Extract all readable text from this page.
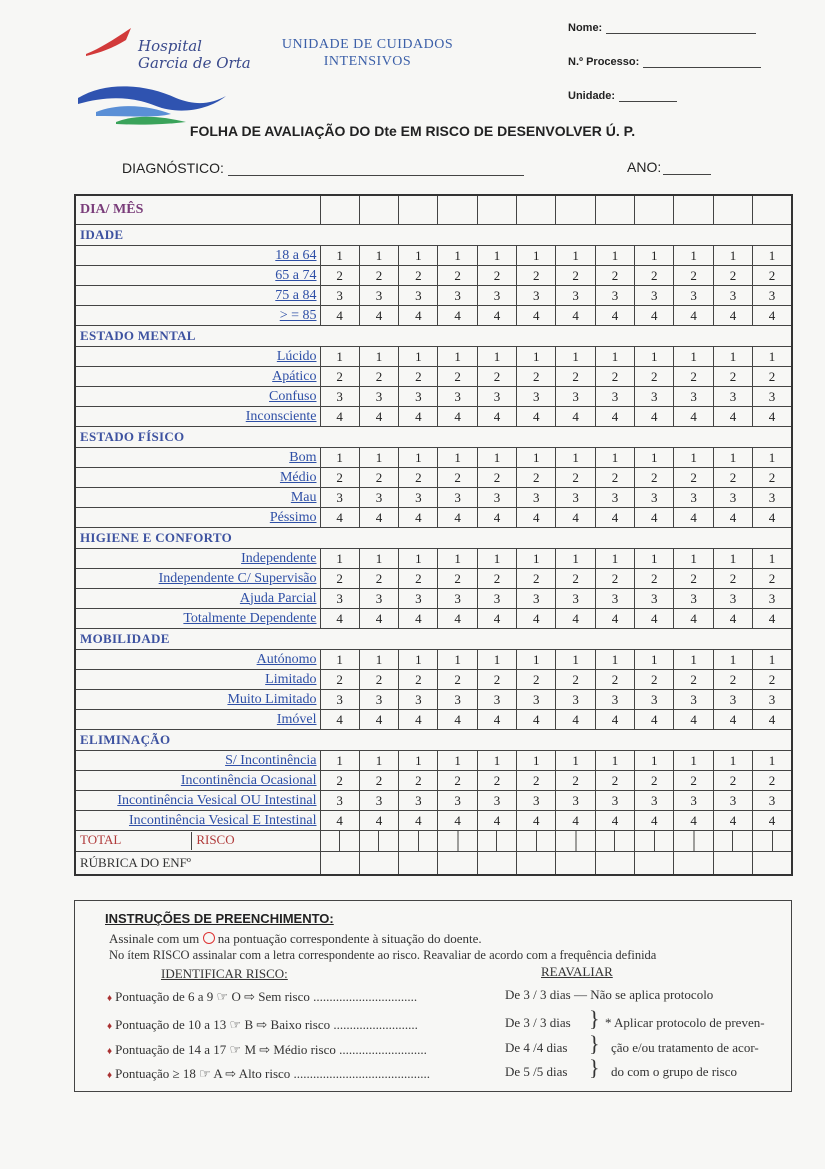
Hospital
Garcia de Orta
UNIDADE DE CUIDADOS
INTENSIVOS
Nome:
N.º Processo:
Unidade:
FOLHA DE AVALIAÇÃO DO Dte EM RISCO DE DESENVOLVER Ú. P.
DIAGNÓSTICO:	ANO:
DIA/ MÊS												
IDADE												
18 a 64	1	1	1	1	1	1	1	1	1	1	1	1
65 a 74	2	2	2	2	2	2	2	2	2	2	2	2
75 a 84	3	3	3	3	3	3	3	3	3	3	3	3
> = 85	4	4	4	4	4	4	4	4	4	4	4	4
ESTADO MENTAL												
Lúcido	1	1	1	1	1	1	1	1	1	1	1	1
Apático	2	2	2	2	2	2	2	2	2	2	2	2
Confuso	3	3	3	3	3	3	3	3	3	3	3	3
Inconsciente	4	4	4	4	4	4	4	4	4	4	4	4
ESTADO FÍSICO												
Bom	1	1	1	1	1	1	1	1	1	1	1	1
Médio	2	2	2	2	2	2	2	2	2	2	2	2
Mau	3	3	3	3	3	3	3	3	3	3	3	3
Péssimo	4	4	4	4	4	4	4	4	4	4	4	4
HIGIENE E CONFORTO												
Independente	1	1	1	1	1	1	1	1	1	1	1	1
Independente C/ Supervisão	2	2	2	2	2	2	2	2	2	2	2	2
Ajuda Parcial	3	3	3	3	3	3	3	3	3	3	3	3
Totalmente Dependente	4	4	4	4	4	4	4	4	4	4	4	4
MOBILIDADE												
Autónomo	1	1	1	1	1	1	1	1	1	1	1	1
Limitado	2	2	2	2	2	2	2	2	2	2	2	2
Muito Limitado	3	3	3	3	3	3	3	3	3	3	3	3
Imóvel	4	4	4	4	4	4	4	4	4	4	4	4
ELIMINAÇÃO												
S/ Incontinência	1	1	1	1	1	1	1	1	1	1	1	1
Incontinência Ocasional	2	2	2	2	2	2	2	2	2	2	2	2
Incontinência Vesical OU Intestinal	3	3	3	3	3	3	3	3	3	3	3	3
Incontinência Vesical E Intestinal	4	4	4	4	4	4	4	4	4	4	4	4
TOTAL RISCO												
RÚBRICA DO ENFº												
INSTRUÇÕES DE PREENCHIMENTO:
Assinale com um na pontuação correspondente à situação do doente.
No ítem RISCO assinalar com a letra correspondente ao risco. Reavaliar de acordo com a frequência definida
IDENTIFICAR RISCO:	REAVALIAR
♦ Pontuação de 6 a 9 ☞ O ⇨ Sem risco ................................	De 3 / 3 dias — Não se aplica protocolo
♦ Pontuação de 10 a 13 ☞ B ⇨ Baixo risco ..........................	De 3 / 3 dias
♦ Pontuação de 14 a 17 ☞ M ⇨ Médio risco ...........................	De 4 /4 dias
♦ Pontuação ≥ 18 ☞ A ⇨ Alto risco ..........................................	De 5 /5 dias
}
}
}
* Aplicar protocolo de preven-
ção e/ou tratamento de acor-
do com o grupo de risco
